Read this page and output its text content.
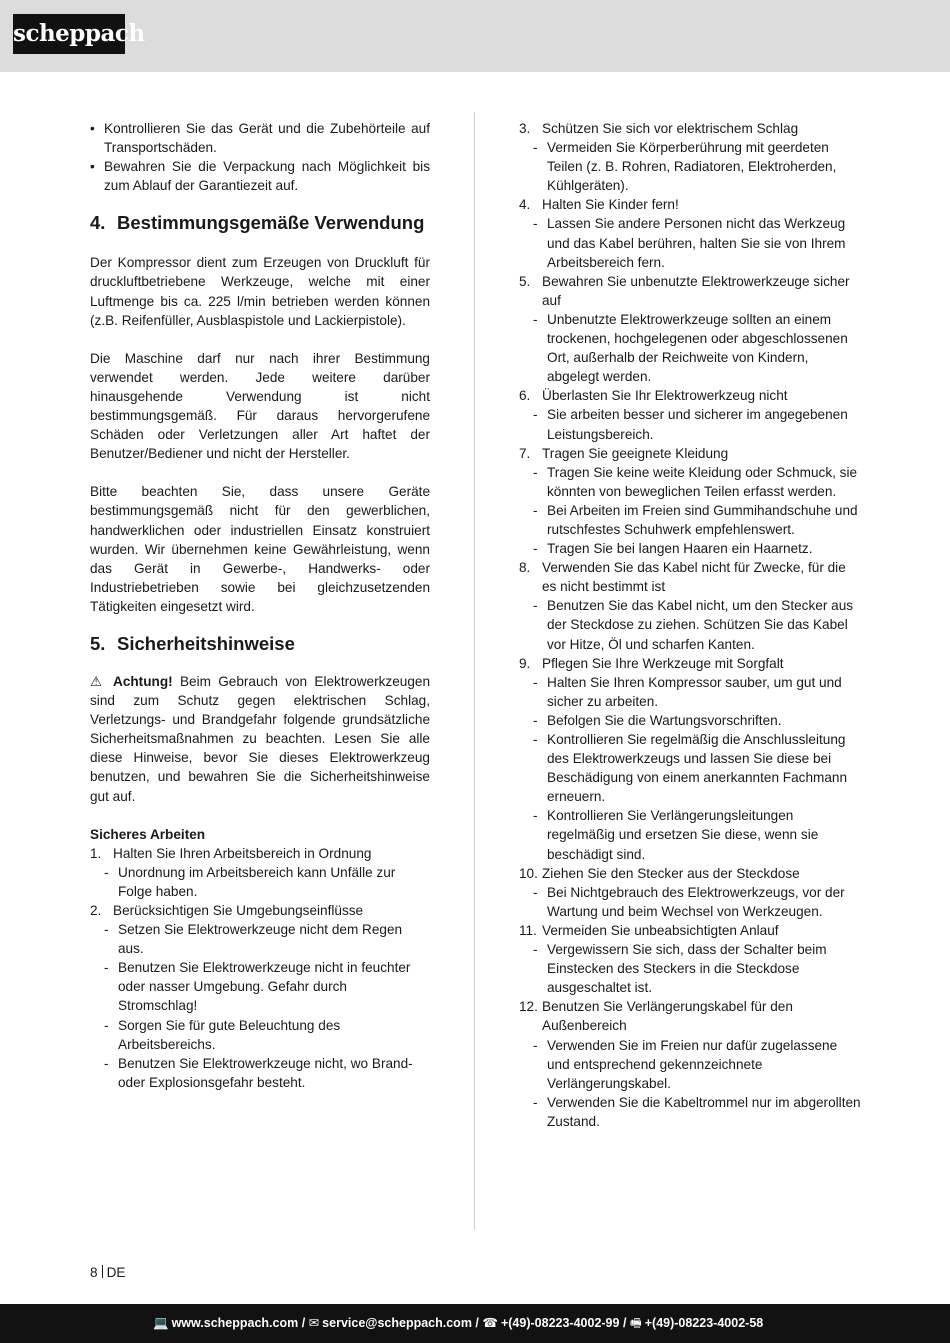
scheppach
• Kontrollieren Sie das Gerät und die Zubehörteile auf Transportschäden.
• Bewahren Sie die Verpackung nach Möglichkeit bis zum Ablauf der Garantiezeit auf.
4. Bestimmungsgemäße Verwendung

Der Kompressor dient zum Erzeugen von Druckluft für druckluftbetriebene Werkzeuge, welche mit einer Luftmenge bis ca. 225 l/min betrieben werden können (z.B. Reifenfüller, Ausblaspistole und Lackierpistole).

Die Maschine darf nur nach ihrer Bestimmung verwendet werden. Jede weitere darüber hinausgehende Verwendung ist nicht bestimmungsgemäß. Für daraus hervorgerufene Schäden oder Verletzungen aller Art haftet der Benutzer/Bediener und nicht der Hersteller.

Bitte beachten Sie, dass unsere Geräte bestimmungsgemäß nicht für den gewerblichen, handwerklichen oder industriellen Einsatz konstruiert wurden. Wir übernehmen keine Gewährleistung, wenn das Gerät in Gewerbe-, Handwerks- oder Industriebetrieben sowie bei gleichzusetzenden Tätigkeiten eingesetzt wird.

5. Sicherheitshinweise

⚠ Achtung! Beim Gebrauch von Elektrowerkzeugen sind zum Schutz gegen elektrischen Schlag, Verletzungs- und Brandgefahr folgende grundsätzliche Sicherheitsmaßnahmen zu beachten. Lesen Sie alle diese Hinweise, bevor Sie dieses Elektrowerkzeug benutzen, und bewahren Sie die Sicherheitshinweise gut auf.

Sicheres Arbeiten
1. Halten Sie Ihren Arbeitsbereich in Ordnung
- Unordnung im Arbeitsbereich kann Unfälle zur Folge haben.
2. Berücksichtigen Sie Umgebungseinflüsse
- Setzen Sie Elektrowerkzeuge nicht dem Regen aus.
- Benutzen Sie Elektrowerkzeuge nicht in feuchter oder nasser Umgebung. Gefahr durch Stromschlag!
- Sorgen Sie für gute Beleuchtung des Arbeitsbereichs.
- Benutzen Sie Elektrowerkzeuge nicht, wo Brand- oder Explosionsgefahr besteht.
3. Schützen Sie sich vor elektrischem Schlag
- Vermeiden Sie Körperberührung mit geerdeten Teilen (z. B. Rohren, Radiatoren, Elektroherden, Kühlgeräten).
4. Halten Sie Kinder fern!
- Lassen Sie andere Personen nicht das Werkzeug und das Kabel berühren, halten Sie sie von Ihrem Arbeitsbereich fern.
5. Bewahren Sie unbenutzte Elektrowerkzeuge sicher auf
- Unbenutzte Elektrowerkzeuge sollten an einem trockenen, hochgelegenen oder abgeschlossenen Ort, außerhalb der Reichweite von Kindern, abgelegt werden.
6. Überlasten Sie Ihr Elektrowerkzeug nicht
- Sie arbeiten besser und sicherer im angegebenen Leistungsbereich.
7. Tragen Sie geeignete Kleidung
- Tragen Sie keine weite Kleidung oder Schmuck, sie könnten von beweglichen Teilen erfasst werden.
- Bei Arbeiten im Freien sind Gummihandschuhe und rutschfestes Schuhwerk empfehlenswert.
- Tragen Sie bei langen Haaren ein Haarnetz.
8. Verwenden Sie das Kabel nicht für Zwecke, für die es nicht bestimmt ist
- Benutzen Sie das Kabel nicht, um den Stecker aus der Steckdose zu ziehen. Schützen Sie das Kabel vor Hitze, Öl und scharfen Kanten.
9. Pflegen Sie Ihre Werkzeuge mit Sorgfalt
- Halten Sie Ihren Kompressor sauber, um gut und sicher zu arbeiten.
- Befolgen Sie die Wartungsvorschriften.
- Kontrollieren Sie regelmäßig die Anschlussleitung des Elektrowerkzeugs und lassen Sie diese bei Beschädigung von einem anerkannten Fachmann erneuern.
- Kontrollieren Sie Verlängerungsleitungen regelmäßig und ersetzen Sie diese, wenn sie beschädigt sind.
10. Ziehen Sie den Stecker aus der Steckdose
- Bei Nichtgebrauch des Elektrowerkzeugs, vor der Wartung und beim Wechsel von Werkzeugen.
11. Vermeiden Sie unbeabsichtigten Anlauf
- Vergewissern Sie sich, dass der Schalter beim Einstecken des Steckers in die Steckdose ausgeschaltet ist.
12. Benutzen Sie Verlängerungskabel für den Außenbereich
- Verwenden Sie im Freien nur dafür zugelassene und entsprechend gekennzeichnete Verlängerungskabel.
- Verwenden Sie die Kabeltrommel nur im abgerollten Zustand.
8 DE
💻 www.scheppach.com / ✉ service@scheppach.com / ☎ +(49)-08223-4002-99 / 🖷 +(49)-08223-4002-58
